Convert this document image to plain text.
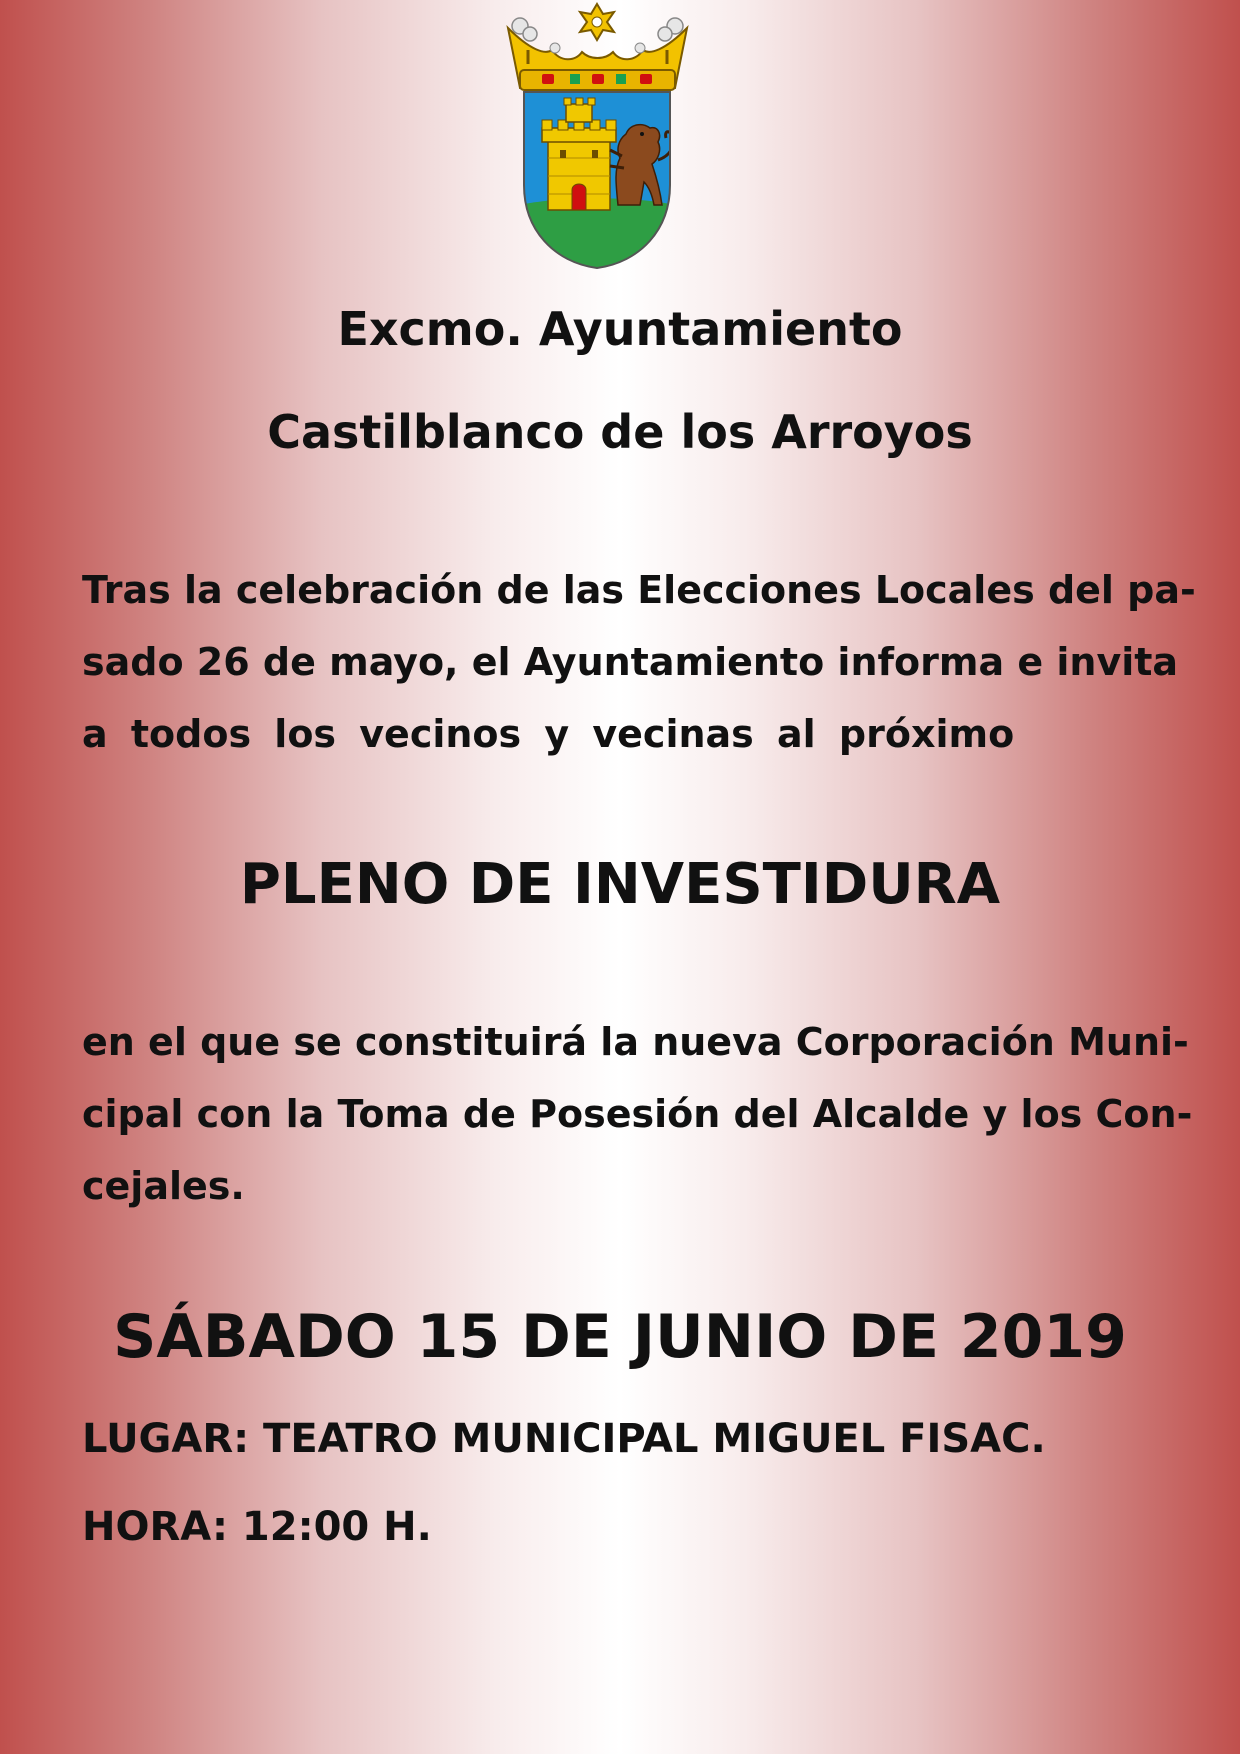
Excmo. Ayuntamiento
Castilblanco de los Arroyos
Tras la celebración de las Elecciones Locales del pa-
sado 26 de mayo, el Ayuntamiento informa e invita
a todos los vecinos y vecinas al próximo
PLENO DE INVESTIDURA
en el que se constituirá la nueva Corporación Muni-
cipal con la Toma de Posesión del Alcalde y los Con-
cejales.
SÁBADO 15 DE JUNIO DE 2019

LUGAR: TEATRO MUNICIPAL MIGUEL FISAC.

HORA: 12:00 H.
